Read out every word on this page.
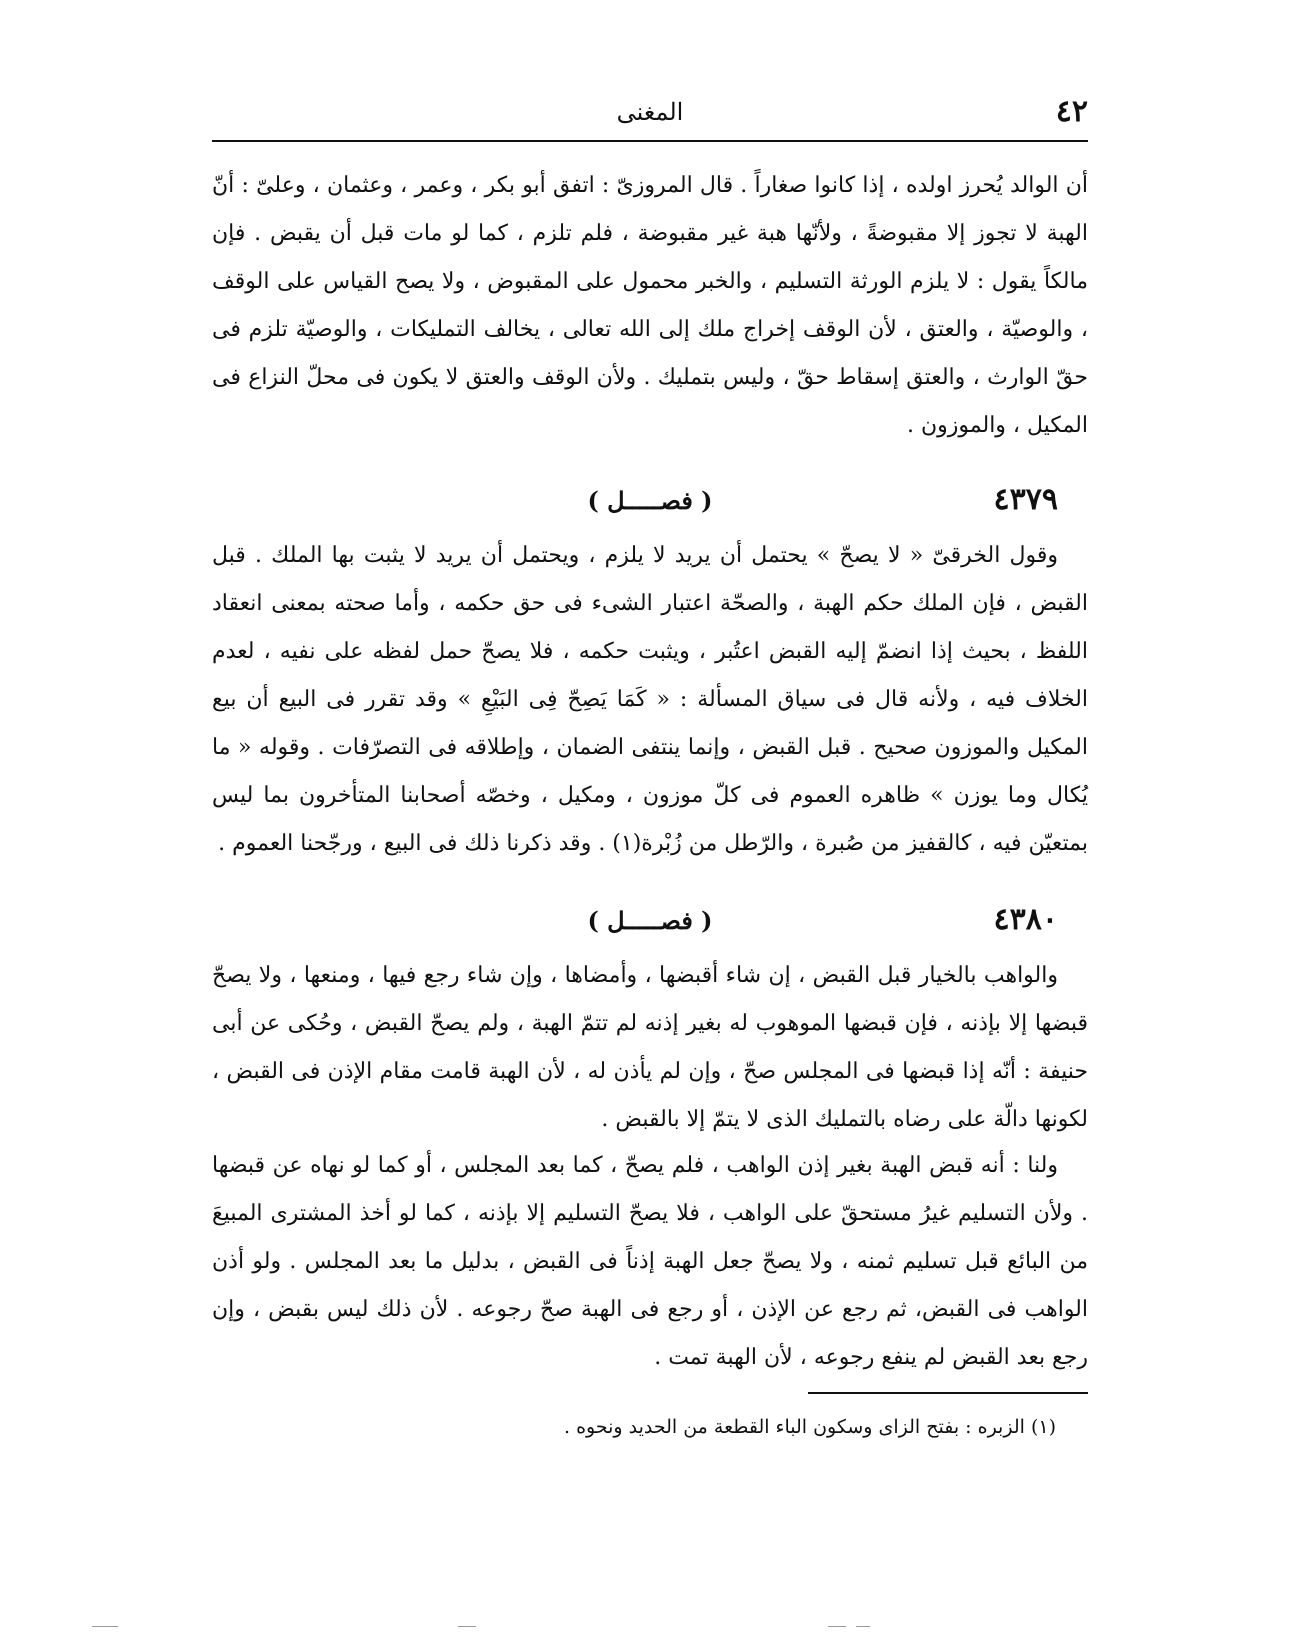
٤٢
المغنى

أن الوالد يُحرز اولده ، إذا كانوا صغاراً . قال المروزىّ : اتفق أبو بكر ، وعمر ، وعثمان ، وعلىّ : أنّ الهبة لا تجوز إلا مقبوضةً ، ولأنّها هبة غير مقبوضة ، فلم تلزم ، كما لو مات قبل أن يقبض . فإن مالكاً يقول : لا يلزم الورثة التسليم ، والخبر محمول على المقبوض ، ولا يصح القياس على الوقف ، والوصيّة ، والعتق ، لأن الوقف إخراج ملك إلى الله تعالى ، يخالف التمليكات ، والوصيّة تلزم فى حقّ الوارث ، والعتق إسقاط حقّ ، وليس بتمليك . ولأن الوقف والعتق لا يكون فى محلّ النزاع فى المكيل ، والموزون .

٤٣٧٩
( فصـــــل )

وقول الخرقىّ « لا يصحّ » يحتمل أن يريد لا يلزم ، ويحتمل أن يريد لا يثبت بها الملك . قبل القبض ، فإن الملك حكم الهبة ، والصحّة اعتبار الشىء فى حق حكمه ، وأما صحته بمعنى انعقاد اللفظ ، بحيث إذا انضمّ إليه القبض اعتُبر ، ويثبت حكمه ، فلا يصحّ حمل لفظه على نفيه ، لعدم الخلاف فيه ، ولأنه قال فى سياق المسألة : « كَمَا يَصِحّ فِى البَيْعِ » وقد تقرر فى البيع أن بيع المكيل والموزون صحيح . قبل القبض ، وإنما ينتفى الضمان ، وإطلاقه فى التصرّفات . وقوله « ما يُكال وما يوزن » ظاهره العموم فى كلّ موزون ، ومكيل ، وخصّه أصحابنا المتأخرون بما ليس بمتعيّن فيه ، كالقفيز من صُبرة ، والرّطل من زُبْرة(١) . وقد ذكرنا ذلك فى البيع ، ورجّحنا العموم .

٤٣٨٠
( فصـــــل )

والواهب بالخيار قبل القبض ، إن شاء أقبضها ، وأمضاها ، وإن شاء رجع فيها ، ومنعها ، ولا يصحّ قبضها إلا بإذنه ، فإن قبضها الموهوب له بغير إذنه لم تتمّ الهبة ، ولم يصحّ القبض ، وحُكى عن أبى حنيفة : أنّه إذا قبضها فى المجلس صحّ ، وإن لم يأذن له ، لأن الهبة قامت مقام الإذن فى القبض ، لكونها دالّة على رضاه بالتمليك الذى لا يتمّ إلا بالقبض .

ولنا : أنه قبض الهبة بغير إذن الواهب ، فلم يصحّ ، كما بعد المجلس ، أو كما لو نهاه عن قبضها . ولأن التسليم غيرُ مستحقّ على الواهب ، فلا يصحّ التسليم إلا بإذنه ، كما لو أخذ المشترى المبيعَ من البائع قبل تسليم ثمنه ، ولا يصحّ جعل الهبة إذناً فى القبض ، بدليل ما بعد المجلس . ولو أذن الواهب فى القبض، ثم رجع عن الإذن ، أو رجع فى الهبة صحّ رجوعه . لأن ذلك ليس بقبض ، وإن رجع بعد القبض لم ينفع رجوعه ، لأن الهبة تمت .

(١) الزبره : بفتح الزاى وسكون الباء القطعة من الحديد ونحوه .
